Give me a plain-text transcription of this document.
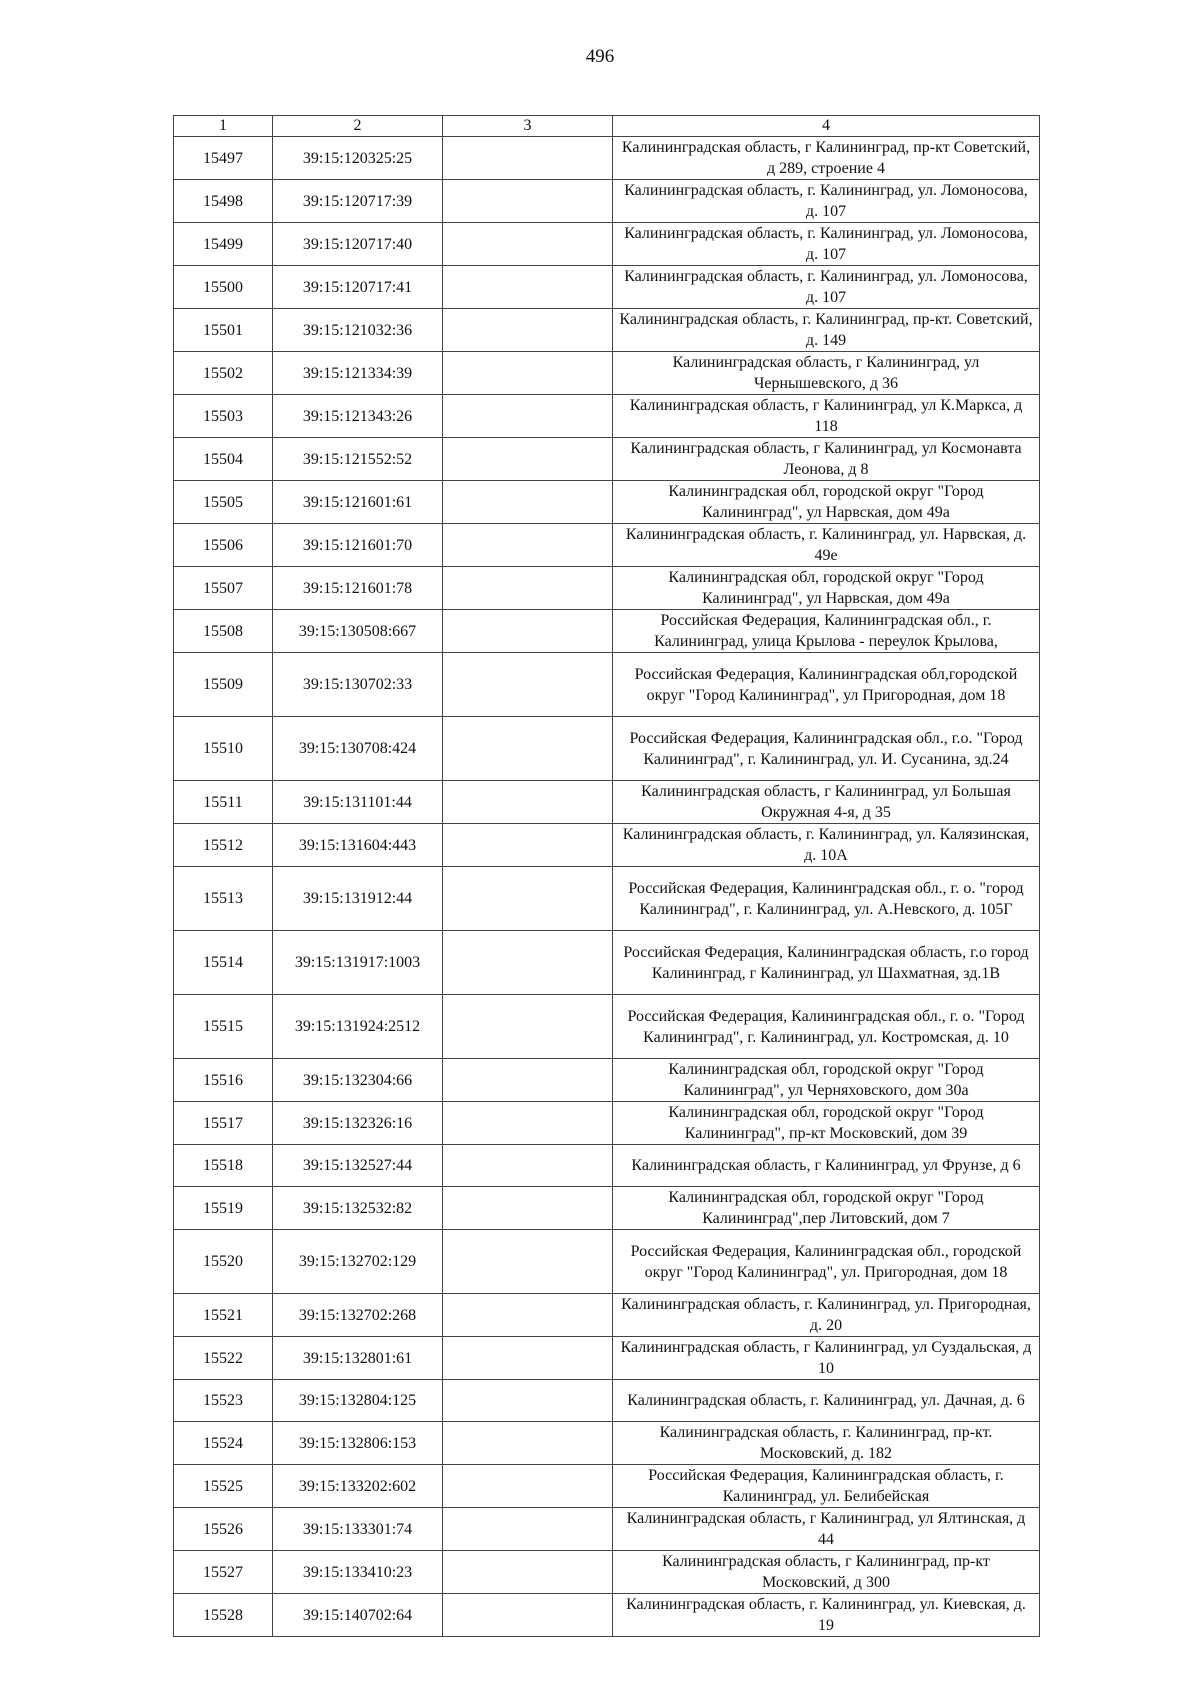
496
1	2	3	4
15497	39:15:120325:25		Калининградская область, г Калининград, пр-кт Советский, д 289, строение 4
15498	39:15:120717:39		Калининградская область, г. Калининград, ул. Ломоносова, д. 107
15499	39:15:120717:40		Калининградская область, г. Калининград, ул. Ломоносова, д. 107
15500	39:15:120717:41		Калининградская область, г. Калининград, ул. Ломоносова, д. 107
15501	39:15:121032:36		Калининградская область, г. Калининград, пр-кт. Советский, д. 149
15502	39:15:121334:39		Калининградская область, г Калининград, ул Чернышевского, д 36
15503	39:15:121343:26		Калининградская область, г Калининград, ул К.Маркса, д 118
15504	39:15:121552:52		Калининградская область, г Калининград, ул Космонавта Леонова, д 8
15505	39:15:121601:61		Калининградская обл, городской округ "Город Калининград", ул Нарвская, дом 49а
15506	39:15:121601:70		Калининградская область, г. Калининград, ул. Нарвская, д. 49е
15507	39:15:121601:78		Калининградская обл, городской округ "Город Калининград", ул Нарвская, дом 49а
15508	39:15:130508:667		Российская Федерация, Калининградская обл., г. Калининград, улица Крылова - переулок Крылова,
15509	39:15:130702:33		Российская Федерация, Калининградская обл,городской округ "Город Калининград", ул Пригородная, дом 18
15510	39:15:130708:424		Российская Федерация, Калининградская обл., г.о. "Город Калининград", г. Калининград, ул. И. Сусанина, зд.24
15511	39:15:131101:44		Калининградская область, г Калининград, ул Большая Окружная 4-я, д 35
15512	39:15:131604:443		Калининградская область, г. Калининград, ул. Калязинская, д. 10А
15513	39:15:131912:44		Российская Федерация, Калининградская обл., г. о. "город Калининград", г. Калининград, ул. А.Невского, д. 105Г
15514	39:15:131917:1003		Российская Федерация, Калининградская область, г.о город Калининград, г Калининград, ул Шахматная, зд.1В
15515	39:15:131924:2512		Российская Федерация, Калининградская обл., г. о. "Город Калининград", г. Калининград, ул. Костромская, д. 10
15516	39:15:132304:66		Калининградская обл, городской округ "Город Калининград", ул Черняховского, дом 30а
15517	39:15:132326:16		Калининградская обл, городской округ "Город Калининград", пр-кт Московский, дом 39
15518	39:15:132527:44		Калининградская область, г Калининград, ул Фрунзе, д 6
15519	39:15:132532:82		Калининградская обл, городской округ "Город Калининград",пер Литовский, дом 7
15520	39:15:132702:129		Российская Федерация, Калининградская обл., городской округ "Город Калининград", ул. Пригородная, дом 18
15521	39:15:132702:268		Калининградская область, г. Калининград, ул. Пригородная, д. 20
15522	39:15:132801:61		Калининградская область, г Калининград, ул Суздальская, д 10
15523	39:15:132804:125		Калининградская область, г. Калининград, ул. Дачная, д. 6
15524	39:15:132806:153		Калининградская область, г. Калининград, пр-кт. Московский, д. 182
15525	39:15:133202:602		Российская Федерация, Калининградская область, г. Калининград, ул. Белибейская
15526	39:15:133301:74		Калининградская область, г Калининград, ул Ялтинская, д 44
15527	39:15:133410:23		Калининградская область, г Калининград, пр-кт Московский, д 300
15528	39:15:140702:64		Калининградская область, г. Калининград, ул. Киевская, д. 19
